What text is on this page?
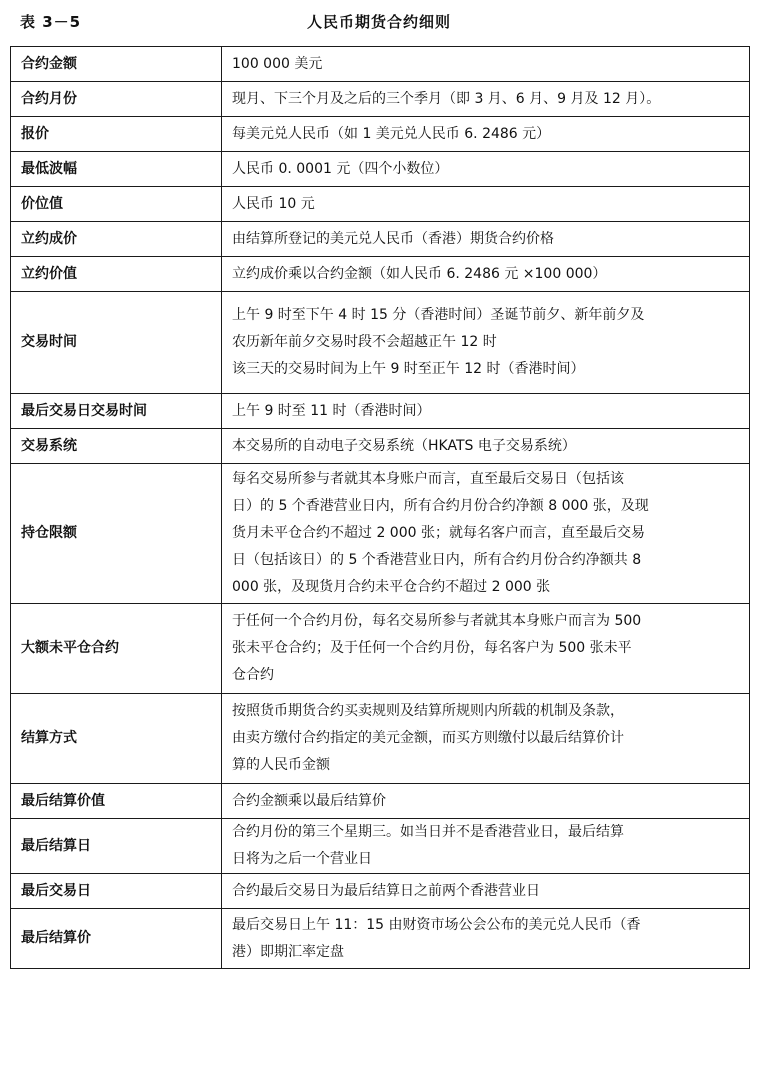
表 3－5	人民币期货合约细则
合约金额	100 000 美元

合约月份	现月、下三个月及之后的三个季月（即 3 月、6 月、9 月及 12 月）。

报价	每美元兑人民币（如 1 美元兑人民币 6. 2486 元）

最低波幅	人民币 0. 0001 元（四个小数位）

价位值	人民币 10 元

立约成价	由结算所登记的美元兑人民币（香港）期货合约价格

立约价值	立约成价乘以合约金额（如人民币 6. 2486 元 ×100 000）

交易时间	上午 9 时至下午 4 时 15 分（香港时间）圣诞节前夕、新年前夕及
农历新年前夕交易时段不会超越正午 12 时
该三天的交易时间为上午 9 时至正午 12 时（香港时间）

最后交易日交易时间	上午 9 时至 11 时（香港时间）

交易系统	本交易所的自动电子交易系统（HKATS 电子交易系统）

持仓限额	每名交易所参与者就其本身账户而言，直至最后交易日（包括该
日）的 5 个香港营业日内，所有合约月份合约净额 8 000 张，及现
货月未平仓合约不超过 2 000 张；就每名客户而言，直至最后交易
日（包括该日）的 5 个香港营业日内，所有合约月份合约净额共 8
000 张，及现货月合约未平仓合约不超过 2 000 张

大额未平仓合约	于任何一个合约月份，每名交易所参与者就其本身账户而言为 500
张未平仓合约；及于任何一个合约月份，每名客户为 500 张未平
仓合约

结算方式	按照货币期货合约买卖规则及结算所规则内所载的机制及条款，
由卖方缴付合约指定的美元金额，而买方则缴付以最后结算价计
算的人民币金额

最后结算价值	合约金额乘以最后结算价

最后结算日	合约月份的第三个星期三。如当日并不是香港营业日，最后结算
日将为之后一个营业日

最后交易日	合约最后交易日为最后结算日之前两个香港营业日

最后结算价	最后交易日上午 11：15 由财资市场公会公布的美元兑人民币（香
港）即期汇率定盘
